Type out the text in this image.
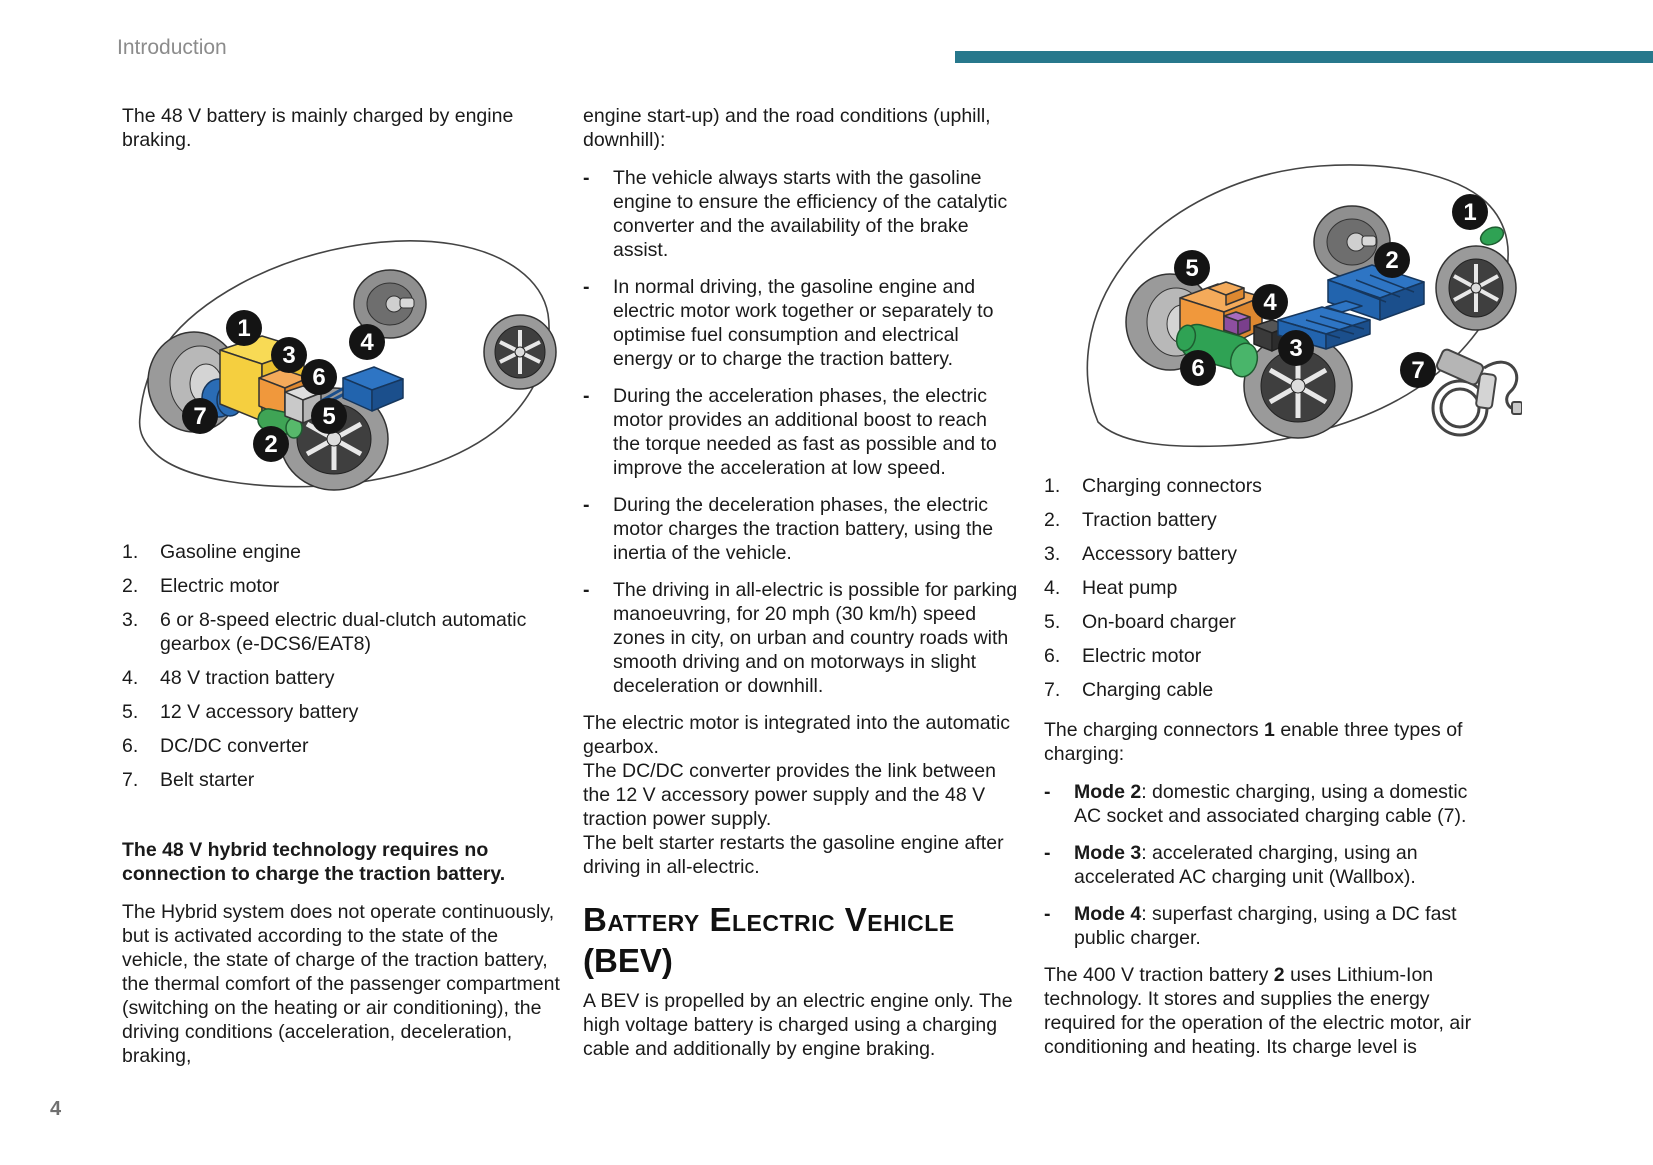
Introduction
4

The 48 V battery is mainly charged by engine braking.

1
3
6
4
5
2
7
1.	Gasoline engine
2.	Electric motor
3.	6 or 8-speed electric dual-clutch automatic gearbox (e-DCS6/EAT8)
4.	48 V traction battery
5.	12 V accessory battery
6.	DC/DC converter
7.	Belt starter

The 48 V hybrid technology requires no connection to charge the traction battery.

The Hybrid system does not operate continuously, but is activated according to the state of the vehicle, the state of charge of the traction battery, the thermal comfort of the passenger compartment (switching on the heating or air conditioning), the driving conditions (acceleration, deceleration, braking,

engine start-up) and the road conditions (uphill, downhill):

-	The vehicle always starts with the gasoline engine to ensure the efficiency of the catalytic converter and the availability of the brake assist.
-	In normal driving, the gasoline engine and electric motor work together or separately to optimise fuel consumption and electrical energy or to charge the traction battery.
-	During the acceleration phases, the electric motor provides an additional boost to reach the torque needed as fast as possible and to improve the acceleration at low speed.
-	During the deceleration phases, the electric motor charges the traction battery, using the inertia of the vehicle.
-	The driving in all-electric is possible for parking manoeuvring, for 20 mph (30 km/h) speed zones in city, on urban and country roads with smooth driving and on motorways in slight deceleration or downhill.

The electric motor is integrated into the automatic gearbox.
The DC/DC converter provides the link between the 12 V accessory power supply and the 48 V traction power supply.
The belt starter restarts the gasoline engine after driving in all-electric.

Battery Electric Vehicle
(BEV)

A BEV is propelled by an electric engine only. The high voltage battery is charged using a charging cable and additionally by engine braking.

5
4
6
3
2
1
7
1.	Charging connectors
2.	Traction battery
3.	Accessory battery
4.	Heat pump
5.	On-board charger
6.	Electric motor
7.	Charging cable

The charging connectors 1 enable three types of charging:

-	Mode 2: domestic charging, using a domestic AC socket and associated charging cable (7).
-	Mode 3: accelerated charging, using an accelerated AC charging unit (Wallbox).
-	Mode 4: superfast charging, using a DC fast public charger.

The 400 V traction battery 2 uses Lithium-Ion technology. It stores and supplies the energy required for the operation of the electric motor, air conditioning and heating. Its charge level is
